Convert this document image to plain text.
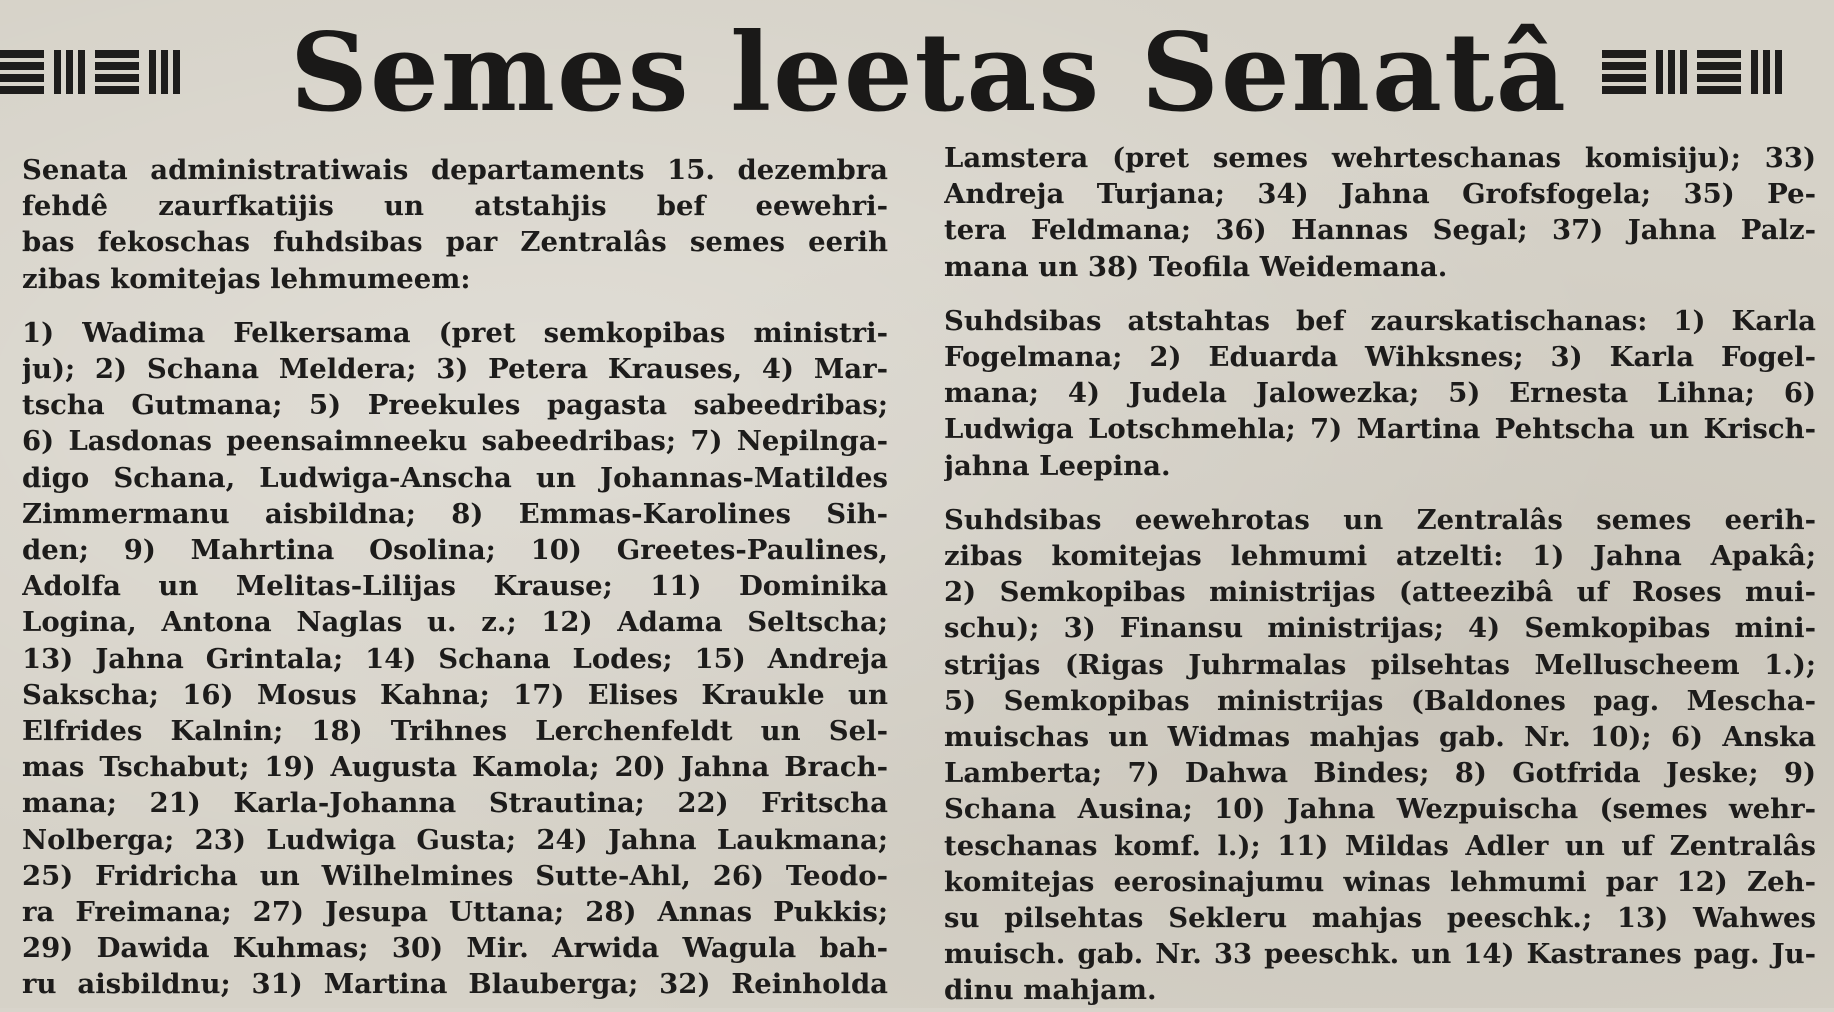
Semes leetas Senatâ

Senata administratiwais departaments 15. dezembra
fehdê zaurfkatijis un atstahjis bef eewehri-
bas fekoschas fuhdsibas par Zentralâs semes eerih
zibas komitejas lehmumeem:

1) Wadima Felkersama (pret semkopibas ministri-
ju); 2) Schana Meldera; 3) Petera Krauses, 4) Mar-
tscha Gutmana; 5) Preekules pagasta sabeedribas;
6) Lasdonas peensaimneeku sabeedribas; 7) Nepilnga-
digo Schana, Ludwiga-Anscha un Johannas-Matildes
Zimmermanu aisbildna; 8) Emmas-Karolines Sih-
den; 9) Mahrtina Osolina; 10) Greetes-Paulines,
Adolfa un Melitas-Lilijas Krause; 11) Dominika
Logina, Antona Naglas u. z.; 12) Adama Seltscha;
13) Jahna Grintala; 14) Schana Lodes; 15) Andreja
Sakscha; 16) Mosus Kahna; 17) Elises Kraukle un
Elfrides Kalnin; 18) Trihnes Lerchenfeldt un Sel-
mas Tschabut; 19) Augusta Kamola; 20) Jahna Brach-
mana; 21) Karla-Johanna Strautina; 22) Fritscha
Nolberga; 23) Ludwiga Gusta; 24) Jahna Laukmana;
25) Fridricha un Wilhelmines Sutte-Ahl, 26) Teodo-
ra Freimana; 27) Jesupa Uttana; 28) Annas Pukkis;
29) Dawida Kuhmas; 30) Mir. Arwida Wagula bah-
ru aisbildnu; 31) Martina Blauberga; 32) Reinholda

Lamstera (pret semes wehrteschanas komisiju); 33)
Andreja Turjana; 34) Jahna Grofsfogela; 35) Pe-
tera Feldmana; 36) Hannas Segal; 37) Jahna Palz-
mana un 38) Teofila Weidemana.

Suhdsibas atstahtas bef zaurskatischanas: 1) Karla
Fogelmana; 2) Eduarda Wihksnes; 3) Karla Fogel-
mana; 4) Judela Jalowezka; 5) Ernesta Lihna; 6)
Ludwiga Lotschmehla; 7) Martina Pehtscha un Krisch-
jahna Leepina.

Suhdsibas eewehrotas un Zentralâs semes eerih-
zibas komitejas lehmumi atzelti: 1) Jahna Apakâ;
2) Semkopibas ministrijas (atteezibâ uf Roses mui-
schu); 3) Finansu ministrijas; 4) Semkopibas mini-
strijas (Rigas Juhrmalas pilsehtas Melluscheem 1.);
5) Semkopibas ministrijas (Baldones pag. Mescha-
muischas un Widmas mahjas gab. Nr. 10); 6) Anska
Lamberta; 7) Dahwa Bindes; 8) Gotfrida Jeske; 9)
Schana Ausina; 10) Jahna Wezpuischa (semes wehr-
teschanas komf. l.); 11) Mildas Adler un uf Zentralâs
komitejas eerosinajumu winas lehmumi par 12) Zeh-
su pilsehtas Sekleru mahjas peeschk.; 13) Wahwes
muisch. gab. Nr. 33 peeschk. un 14) Kastranes pag. Ju-
dinu mahjam.
